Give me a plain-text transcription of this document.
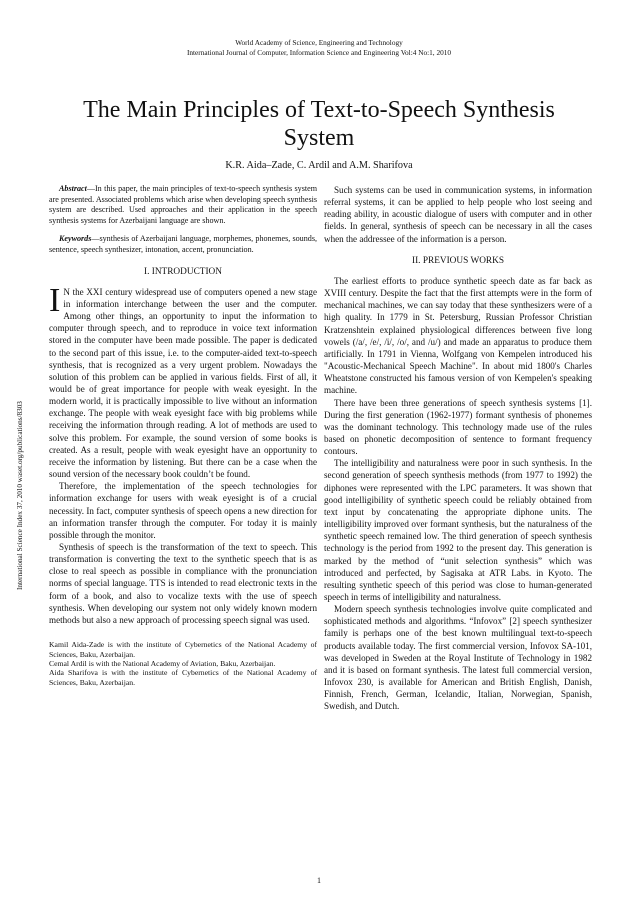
World Academy of Science, Engineering and Technology
International Journal of Computer, Information Science and Engineering Vol:4 No:1, 2010
International Science Index 37, 2010 waset.org/publications/8303
The Main Principles of Text-to-Speech Synthesis
System
K.R. Aida–Zade, C. Ardil and A.M. Sharifova

Abstract—In this paper, the main principles of text-to-speech synthesis system are presented. Associated problems which arise when developing speech synthesis system are described. Used approaches and their application in the speech synthesis systems for Azerbaijani language are shown.

Keywords—synthesis of Azerbaijani language, morphemes, phonemes, sounds, sentence, speech synthesizer, intonation, accent, pronunciation.

I. INTRODUCTION

I N the XXI century widespread use of computers opened a new stage in information interchange between the user and the computer. Among other things, an opportunity to input the information to computer through speech, and to reproduce in voice text information stored in the computer have been made possible. The paper is dedicated to the second part of this issue, i.e. to the computer-aided text-to-speech synthesis, that is recognized as a very urgent problem. Nowadays the solution of this problem can be applied in various fields. First of all, it would be of great importance for people with weak eyesight. In the modern world, it is practically impossible to live without an information exchange. The people with weak eyesight face with big problems while receiving the information through reading. A lot of methods are used to solve this problem. For example, the sound version of some books is created. As a result, people with weak eyesight have an opportunity to receive the information by listening. But there can be a case when the sound version of the necessary book couldn’t be found.

Therefore, the implementation of the speech technologies for information exchange for users with weak eyesight is of a crucial necessity. In fact, computer synthesis of speech opens a new direction for an information transfer through the computer. For today it is mainly possible through the monitor.

Synthesis of speech is the transformation of the text to speech. This transformation is converting the text to the synthetic speech that is as close to real speech as possible in compliance with the pronunciation norms of special language. TTS is intended to read electronic texts in the form of a book, and also to vocalize texts with the use of speech synthesis. When developing our system not only widely known modern methods but also a new approach of processing speech signal was used.

Kamil Aida-Zade is with the institute of Cybernetics of the National Academy of Sciences, Baku, Azerbaijan.
Cemal Ardil is with the National Academy of Aviation, Baku, Azerbaijan.
Aida Sharifova is with the institute of Cybernetics of the National Academy of Sciences, Baku, Azerbaijan.

Such systems can be used in communication systems, in information referral systems, it can be applied to help people who lost seeing and reading ability, in acoustic dialogue of users with computer and in other fields. In general, synthesis of speech can be necessary in all the cases when the addressee of the information is a person.

II. PREVIOUS WORKS

The earliest efforts to produce synthetic speech date as far back as XVIII century. Despite the fact that the first attempts were in the form of mechanical machines, we can say today that these synthesizers were of a high quality. In 1779 in St. Petersburg, Russian Professor Christian Kratzenshtein explained physiological differences between five long vowels (/a/, /e/, /i/, /o/, and /u/) and made an apparatus to produce them artificially. In 1791 in Vienna, Wolfgang von Kempelen introduced his "Acoustic-Mechanical Speech Machine". In about mid 1800's Charles Wheatstone constructed his famous version of von Kempelen's speaking machine.

There have been three generations of speech synthesis systems [1]. During the first generation (1962-1977) formant synthesis of phonemes was the dominant technology. This technology made use of the rules based on phonetic decomposition of sentence to formant frequency contours.

The intelligibility and naturalness were poor in such synthesis. In the second generation of speech synthesis methods (from 1977 to 1992) the diphones were represented with the LPC parameters. It was shown that good intelligibility of synthetic speech could be reliably obtained from text input by concatenating the appropriate diphone units. The intelligibility improved over formant synthesis, but the naturalness of the synthetic speech remained low. The third generation of speech synthesis technology is the period from 1992 to the present day. This generation is marked by the method of “unit selection synthesis” which was introduced and perfected, by Sagisaka at ATR Labs. in Kyoto. The resulting synthetic speech of this period was close to human-generated speech in terms of intelligibility and naturalness.

Modern speech synthesis technologies involve quite complicated and sophisticated methods and algorithms. “Infovox” [2] speech synthesizer family is perhaps one of the best known multilingual text-to-speech products available today. The first commercial version, Infovox SA-101, was developed in Sweden at the Royal Institute of Technology in 1982 and it is based on formant synthesis. The latest full commercial version, Infovox 230, is available for American and British English, Danish, Finnish, French, German, Icelandic, Italian, Norwegian, Spanish, Swedish, and Dutch.

1
